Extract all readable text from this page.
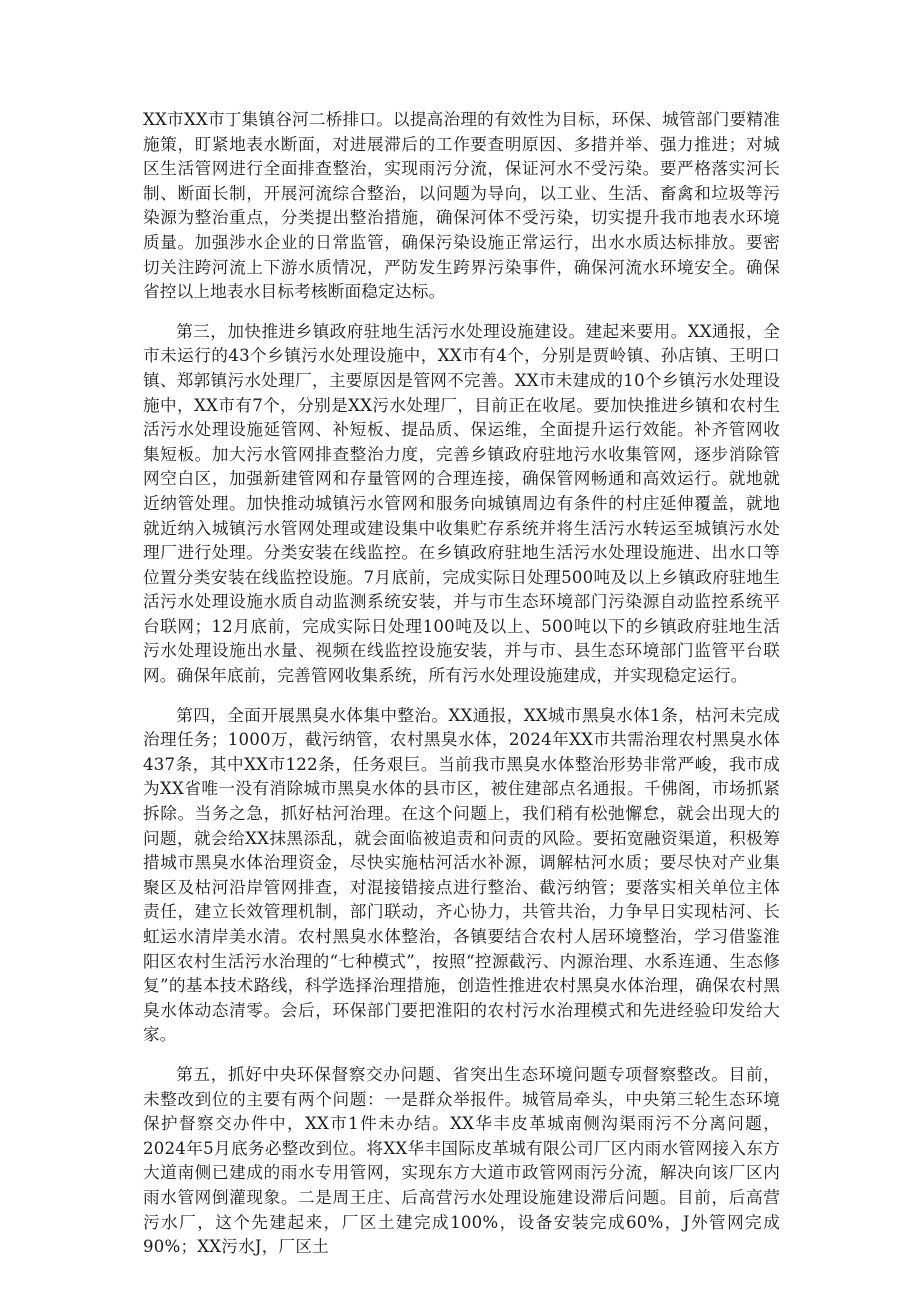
XX市XX市丁集镇谷河二桥排口。以提高治理的有效性为目标，环保、城管部门要精准施策，盯紧地表水断面，对进展滞后的工作要查明原因、多措并举、强力推进；对城区生活管网进行全面排查整治，实现雨污分流，保证河水不受污染。要严格落实河长制、断面长制，开展河流综合整治，以问题为导向，以工业、生活、畜禽和垃圾等污染源为整治重点，分类提出整治措施，确保河体不受污染，切实提升我市地表水环境质量。加强涉水企业的日常监管，确保污染设施正常运行，出水水质达标排放。要密切关注跨河流上下游水质情况，严防发生跨界污染事件，确保河流水环境安全。确保省控以上地表水目标考核断面稳定达标。

第三，加快推进乡镇政府驻地生活污水处理设施建设。建起来要用。XX通报，全市未运行的43个乡镇污水处理设施中，XX市有4个，分别是贾岭镇、孙店镇、王明口镇、郑郭镇污水处理厂，主要原因是管网不完善。XX市未建成的10个乡镇污水处理设施中，XX市有7个，分别是XX污水处理厂，目前正在收尾。要加快推进乡镇和农村生活污水处理设施延管网、补短板、提品质、保运维，全面提升运行效能。补齐管网收集短板。加大污水管网排查整治力度，完善乡镇政府驻地污水收集管网，逐步消除管网空白区，加强新建管网和存量管网的合理连接，确保管网畅通和高效运行。就地就近纳管处理。加快推动城镇污水管网和服务向城镇周边有条件的村庄延伸覆盖，就地就近纳入城镇污水管网处理或建设集中收集贮存系统并将生活污水转运至城镇污水处理厂进行处理。分类安装在线监控。在乡镇政府驻地生活污水处理设施进、出水口等位置分类安装在线监控设施。7月底前，完成实际日处理500吨及以上乡镇政府驻地生活污水处理设施水质自动监测系统安装，并与市生态环境部门污染源自动监控系统平台联网；12月底前，完成实际日处理100吨及以上、500吨以下的乡镇政府驻地生活污水处理设施出水量、视频在线监控设施安装，并与市、县生态环境部门监管平台联网。确保年底前，完善管网收集系统，所有污水处理设施建成，并实现稳定运行。

第四，全面开展黑臭水体集中整治。XX通报，XX城市黑臭水体1条，枯河未完成治理任务；1000万，截污纳管，农村黑臭水体，2024年XX市共需治理农村黑臭水体437条，其中XX市122条，任务艰巨。当前我市黑臭水体整治形势非常严峻，我市成为XX省唯一没有消除城市黑臭水体的县市区，被住建部点名通报。千佛阁，市场抓紧拆除。当务之急，抓好枯河治理。在这个问题上，我们稍有松弛懈怠，就会出现大的问题，就会给XX抹黑添乱，就会面临被追责和问责的风险。要拓宽融资渠道，积极筹措城市黑臭水体治理资金，尽快实施枯河活水补源，调解枯河水质；要尽快对产业集聚区及枯河沿岸管网排查，对混接错接点进行整治、截污纳管；要落实相关单位主体责任，建立长效管理机制，部门联动，齐心协力，共管共治，力争早日实现枯河、长虹运水清岸美水清。农村黑臭水体整治，各镇要结合农村人居环境整治，学习借鉴淮阳区农村生活污水治理的“七种模式”，按照“控源截污、内源治理、水系连通、生态修复”的基本技术路线，科学选择治理措施，创造性推进农村黑臭水体治理，确保农村黑臭水体动态清零。会后，环保部门要把淮阳的农村污水治理模式和先进经验印发给大家。

第五，抓好中央环保督察交办问题、省突出生态环境问题专项督察整改。目前，未整改到位的主要有两个问题：一是群众举报件。城管局牵头，中央第三轮生态环境保护督察交办件中，XX市1件未办结。XX华丰皮革城南侧沟渠雨污不分离问题，2024年5月底务必整改到位。将XX华丰国际皮革城有限公司厂区内雨水管网接入东方大道南侧已建成的雨水专用管网，实现东方大道市政管网雨污分流，解决向该厂区内雨水管网倒灌现象。二是周王庄、后高营污水处理设施建设滞后问题。目前，后高营污水厂，这个先建起来，厂区土建完成100%，设备安装完成60%，J外管网完成90%；XX污水J，厂区土
